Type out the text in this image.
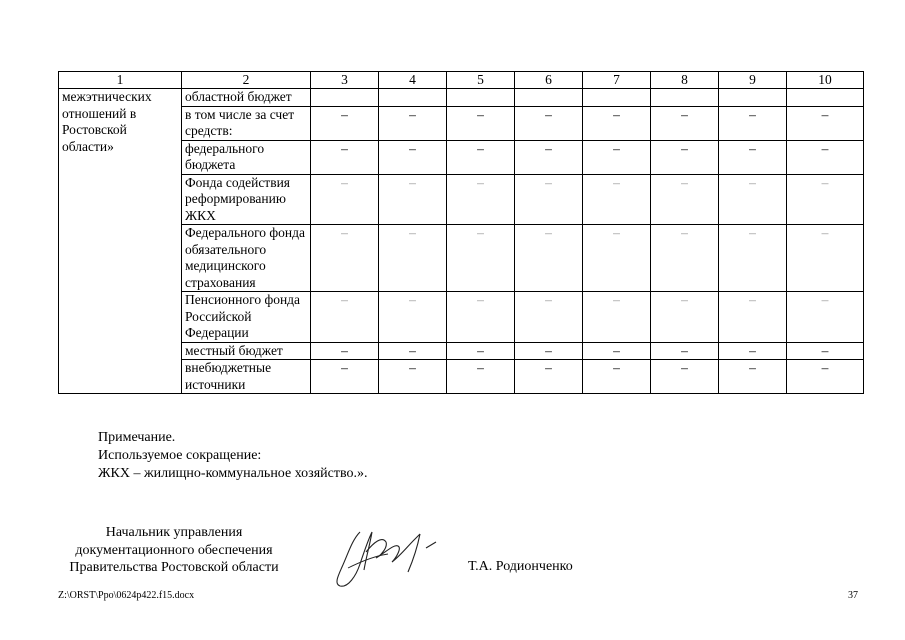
1	2	3	4	5	6	7	8	9	10
межэтнических отношений в Ростовской области»	областной бюджет								
	в том числе за счет средств:	–	–	–	–	–	–	–	–
	федерального бюджета	–	–	–	–	–	–	–	–
	Фонда содействия реформированию ЖКХ	–	–	–	–	–	–	–	–
	Федерального фонда обязательного медицинского страхования	–	–	–	–	–	–	–	–
	Пенсионного фонда Российской Федерации	–	–	–	–	–	–	–	–
	местный бюджет	–	–	–	–	–	–	–	–
	внебюджетные источники	–	–	–	–	–	–	–	–
Примечание.
Используемое сокращение:
ЖКХ – жилищно-коммунальное хозяйство.».
Начальник управления
документационного обеспечения
Правительства Ростовской области	Т.А. Родионченко
Z:\ORST\Ppo\0624p422.f15.docx	37
